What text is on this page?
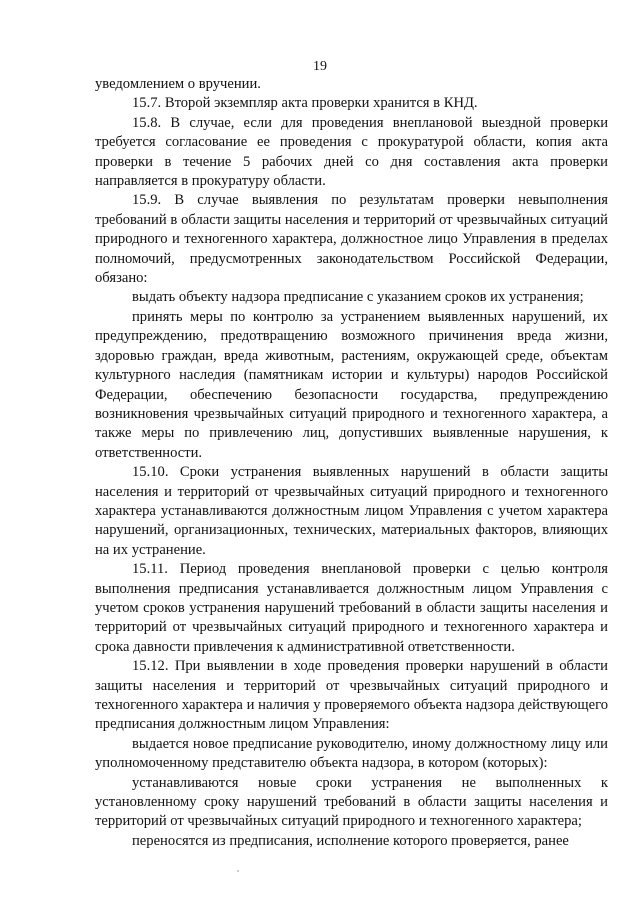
19

уведомлением о вручении.

15.7. Второй экземпляр акта проверки хранится в КНД.

15.8. В случае, если для проведения внеплановой выездной проверки требуется согласование ее проведения с прокуратурой области, копия акта проверки в течение 5 рабочих дней со дня составления акта проверки направляется в прокуратуру области.

15.9. В случае выявления по результатам проверки невыполнения требований в области защиты населения и территорий от чрезвычайных ситуаций природного и техногенного характера, должностное лицо Управления в пределах полномочий, предусмотренных законодательством Российской Федерации, обязано:

выдать объекту надзора предписание с указанием сроков их устранения;

принять меры по контролю за устранением выявленных нарушений, их предупреждению, предотвращению возможного причинения вреда жизни, здоровью граждан, вреда животным, растениям, окружающей среде, объектам культурного наследия (памятникам истории и культуры) народов Российской Федерации, обеспечению безопасности государства, предупреждению возникновения чрезвычайных ситуаций природного и техногенного характера, а также меры по привлечению лиц, допустивших выявленные нарушения, к ответственности.

15.10. Сроки устранения выявленных нарушений в области защиты населения и территорий от чрезвычайных ситуаций природного и техногенного характера устанавливаются должностным лицом Управления с учетом характера нарушений, организационных, технических, материальных факторов, влияющих на их устранение.

15.11. Период проведения внеплановой проверки с целью контроля выполнения предписания устанавливается должностным лицом Управления с учетом сроков устранения нарушений требований в области защиты населения и территорий от чрезвычайных ситуаций природного и техногенного характера и срока давности привлечения к административной ответственности.

15.12. При выявлении в ходе проведения проверки нарушений в области защиты населения и территорий от чрезвычайных ситуаций природного и техногенного характера и наличия у проверяемого объекта надзора действующего предписания должностным лицом Управления:

выдается новое предписание руководителю, иному должностному лицу или уполномоченному представителю объекта надзора, в котором (которых):

устанавливаются новые сроки устранения не выполненных к установленному сроку нарушений требований в области защиты населения и территорий от чрезвычайных ситуаций природного и техногенного характера;

переносятся из предписания, исполнение которого проверяется, ранее
